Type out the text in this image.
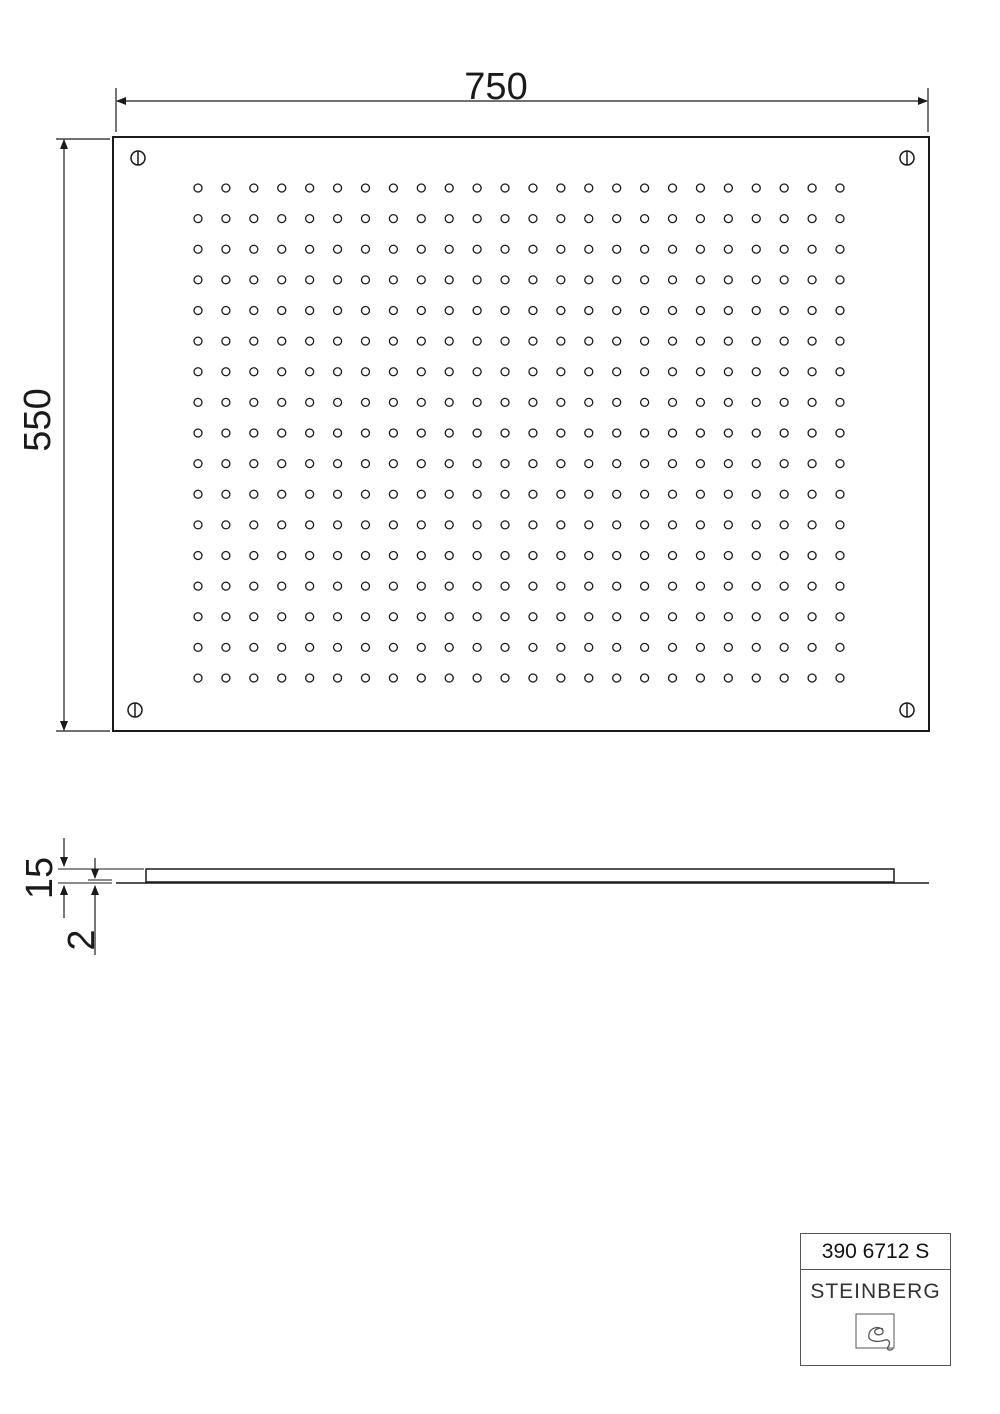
750
550
15
2
390 6712 S
STEINBERG
